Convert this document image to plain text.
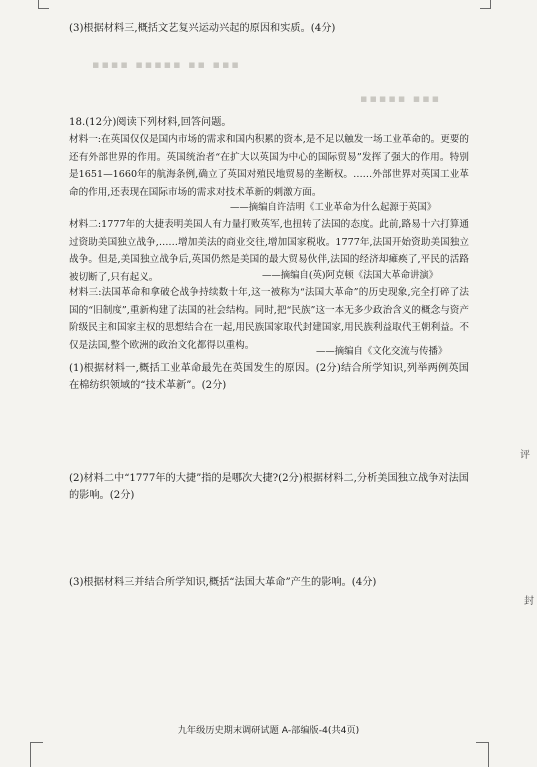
▪▪▪▪ ▪▪▪▪▪ ▪▪ ▪▪▪
▪▪▪▪▪ ▪▪▪
(3)根据材料三,概括文艺复兴运动兴起的原因和实质。(4分)
18.(12分)阅读下列材料,回答问题。
材料一:在英国仅仅是国内市场的需求和国内积累的资本,是不足以触发一场工业革命的。更要的还有外部世界的作用。英国统治者“在扩大以英国为中心的国际贸易”发挥了强大的作用。特别是1651—1660年的航海条例,确立了英国对殖民地贸易的垄断权。……外部世界对英国工业革命的作用,还表现在国际市场的需求对技术革新的刺激方面。
——摘编自许洁明《工业革命为什么起源于英国》
材料二:1777年的大捷表明美国人有力量打败英军,也扭转了法国的态度。此前,路易十六打算通过资助美国独立战争,……增加美法的商业交往,增加国家税收。1777年,法国开始资助美国独立战争。但是,美国独立战争后,英国仍然是美国的最大贸易伙伴,法国的经济却瘫痪了,平民的活路被切断了,只有起义。	——摘编自(英)阿克顿《法国大革命讲演》
材料三:法国革命和拿破仑战争持续数十年,这一被称为“法国大革命”的历史现象,完全打碎了法国的“旧制度”,重新构建了法国的社会结构。同时,把“民族”这一本无多少政治含义的概念与资产阶级民主和国家主权的思想结合在一起,用民族国家取代封建国家,用民族利益取代王朝利益。不仅是法国,整个欧洲的政治文化都得以重构。
——摘编自《文化交流与传播》
(1)根据材料一,概括工业革命最先在英国发生的原因。(2分)结合所学知识,列举两例英国在棉纺织领域的“技术革新”。(2分)
(2)材料二中“1777年的大捷”指的是哪次大捷?(2分)根据材料二,分析美国独立战争对法国的影响。(2分)
(3)根据材料三并结合所学知识,概括“法国大革命”产生的影响。(4分)
评
封
九年级历史期末调研试题 A-部编版-4(共4页)
